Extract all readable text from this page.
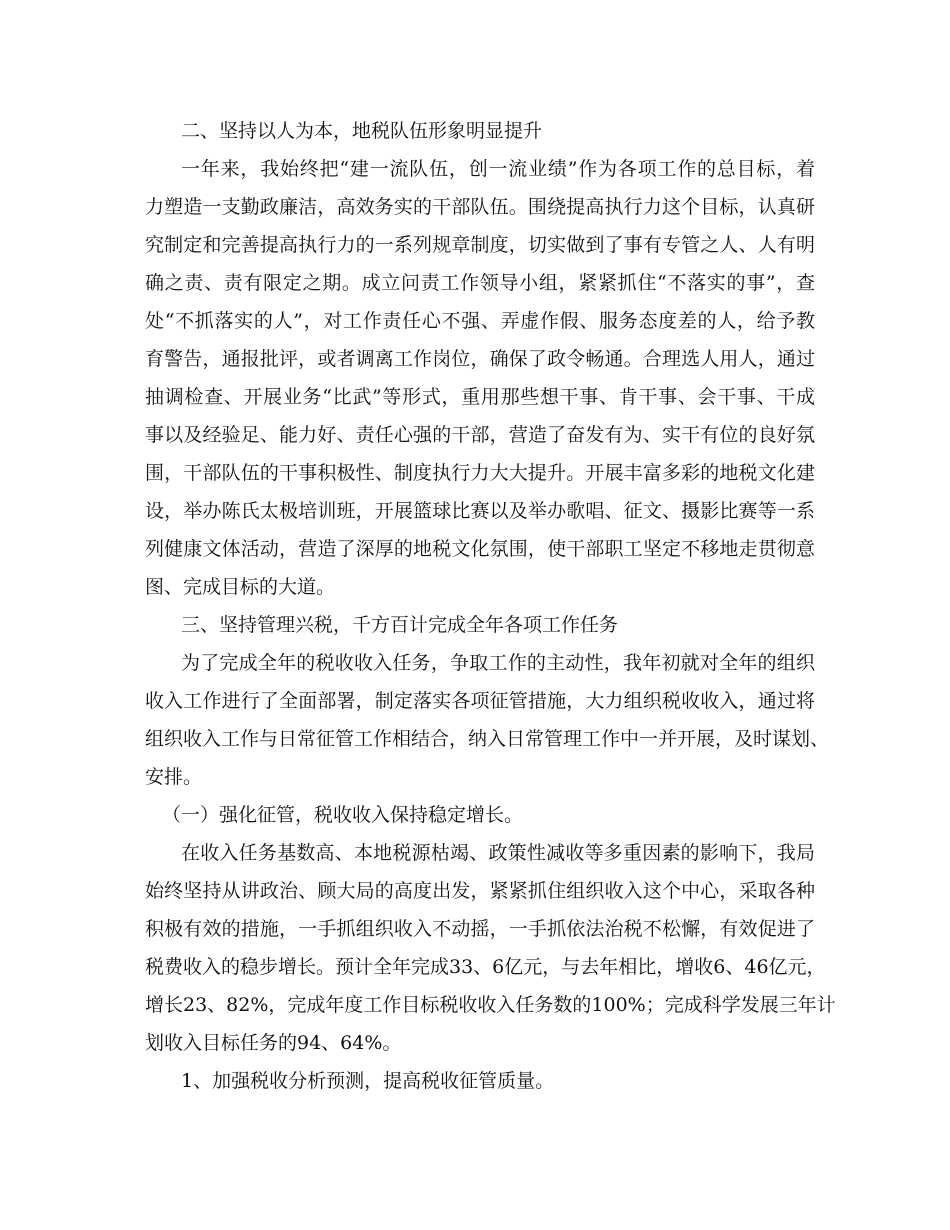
二、坚持以人为本，地税队伍形象明显提升
一年来，我始终把“建一流队伍，创一流业绩”作为各项工作的总目标，着
力塑造一支勤政廉洁，高效务实的干部队伍。围绕提高执行力这个目标，认真研
究制定和完善提高执行力的一系列规章制度，切实做到了事有专管之人、人有明
确之责、责有限定之期。成立问责工作领导小组，紧紧抓住“不落实的事”，查
处“不抓落实的人”，对工作责任心不强、弄虚作假、服务态度差的人，给予教
育警告，通报批评，或者调离工作岗位，确保了政令畅通。合理选人用人，通过
抽调检查、开展业务“比武”等形式，重用那些想干事、肯干事、会干事、干成
事以及经验足、能力好、责任心强的干部，营造了奋发有为、实干有位的良好氛
围，干部队伍的干事积极性、制度执行力大大提升。开展丰富多彩的地税文化建
设，举办陈氏太极培训班，开展篮球比赛以及举办歌唱、征文、摄影比赛等一系
列健康文体活动，营造了深厚的地税文化氛围，使干部职工坚定不移地走贯彻意
图、完成目标的大道。
三、坚持管理兴税，千方百计完成全年各项工作任务
为了完成全年的税收收入任务，争取工作的主动性，我年初就对全年的组织
收入工作进行了全面部署，制定落实各项征管措施，大力组织税收收入，通过将
组织收入工作与日常征管工作相结合，纳入日常管理工作中一并开展，及时谋划、
安排。
（一）强化征管，税收收入保持稳定增长。
在收入任务基数高、本地税源枯竭、政策性减收等多重因素的影响下，我局
始终坚持从讲政治、顾大局的高度出发，紧紧抓住组织收入这个中心，采取各种
积极有效的措施，一手抓组织收入不动摇，一手抓依法治税不松懈，有效促进了
税费收入的稳步增长。预计全年完成33、6亿元，与去年相比，增收6、46亿元，
增长23、82%，完成年度工作目标税收收入任务数的100%；完成科学发展三年计
划收入目标任务的94、64%。
1、加强税收分析预测，提高税收征管质量。
